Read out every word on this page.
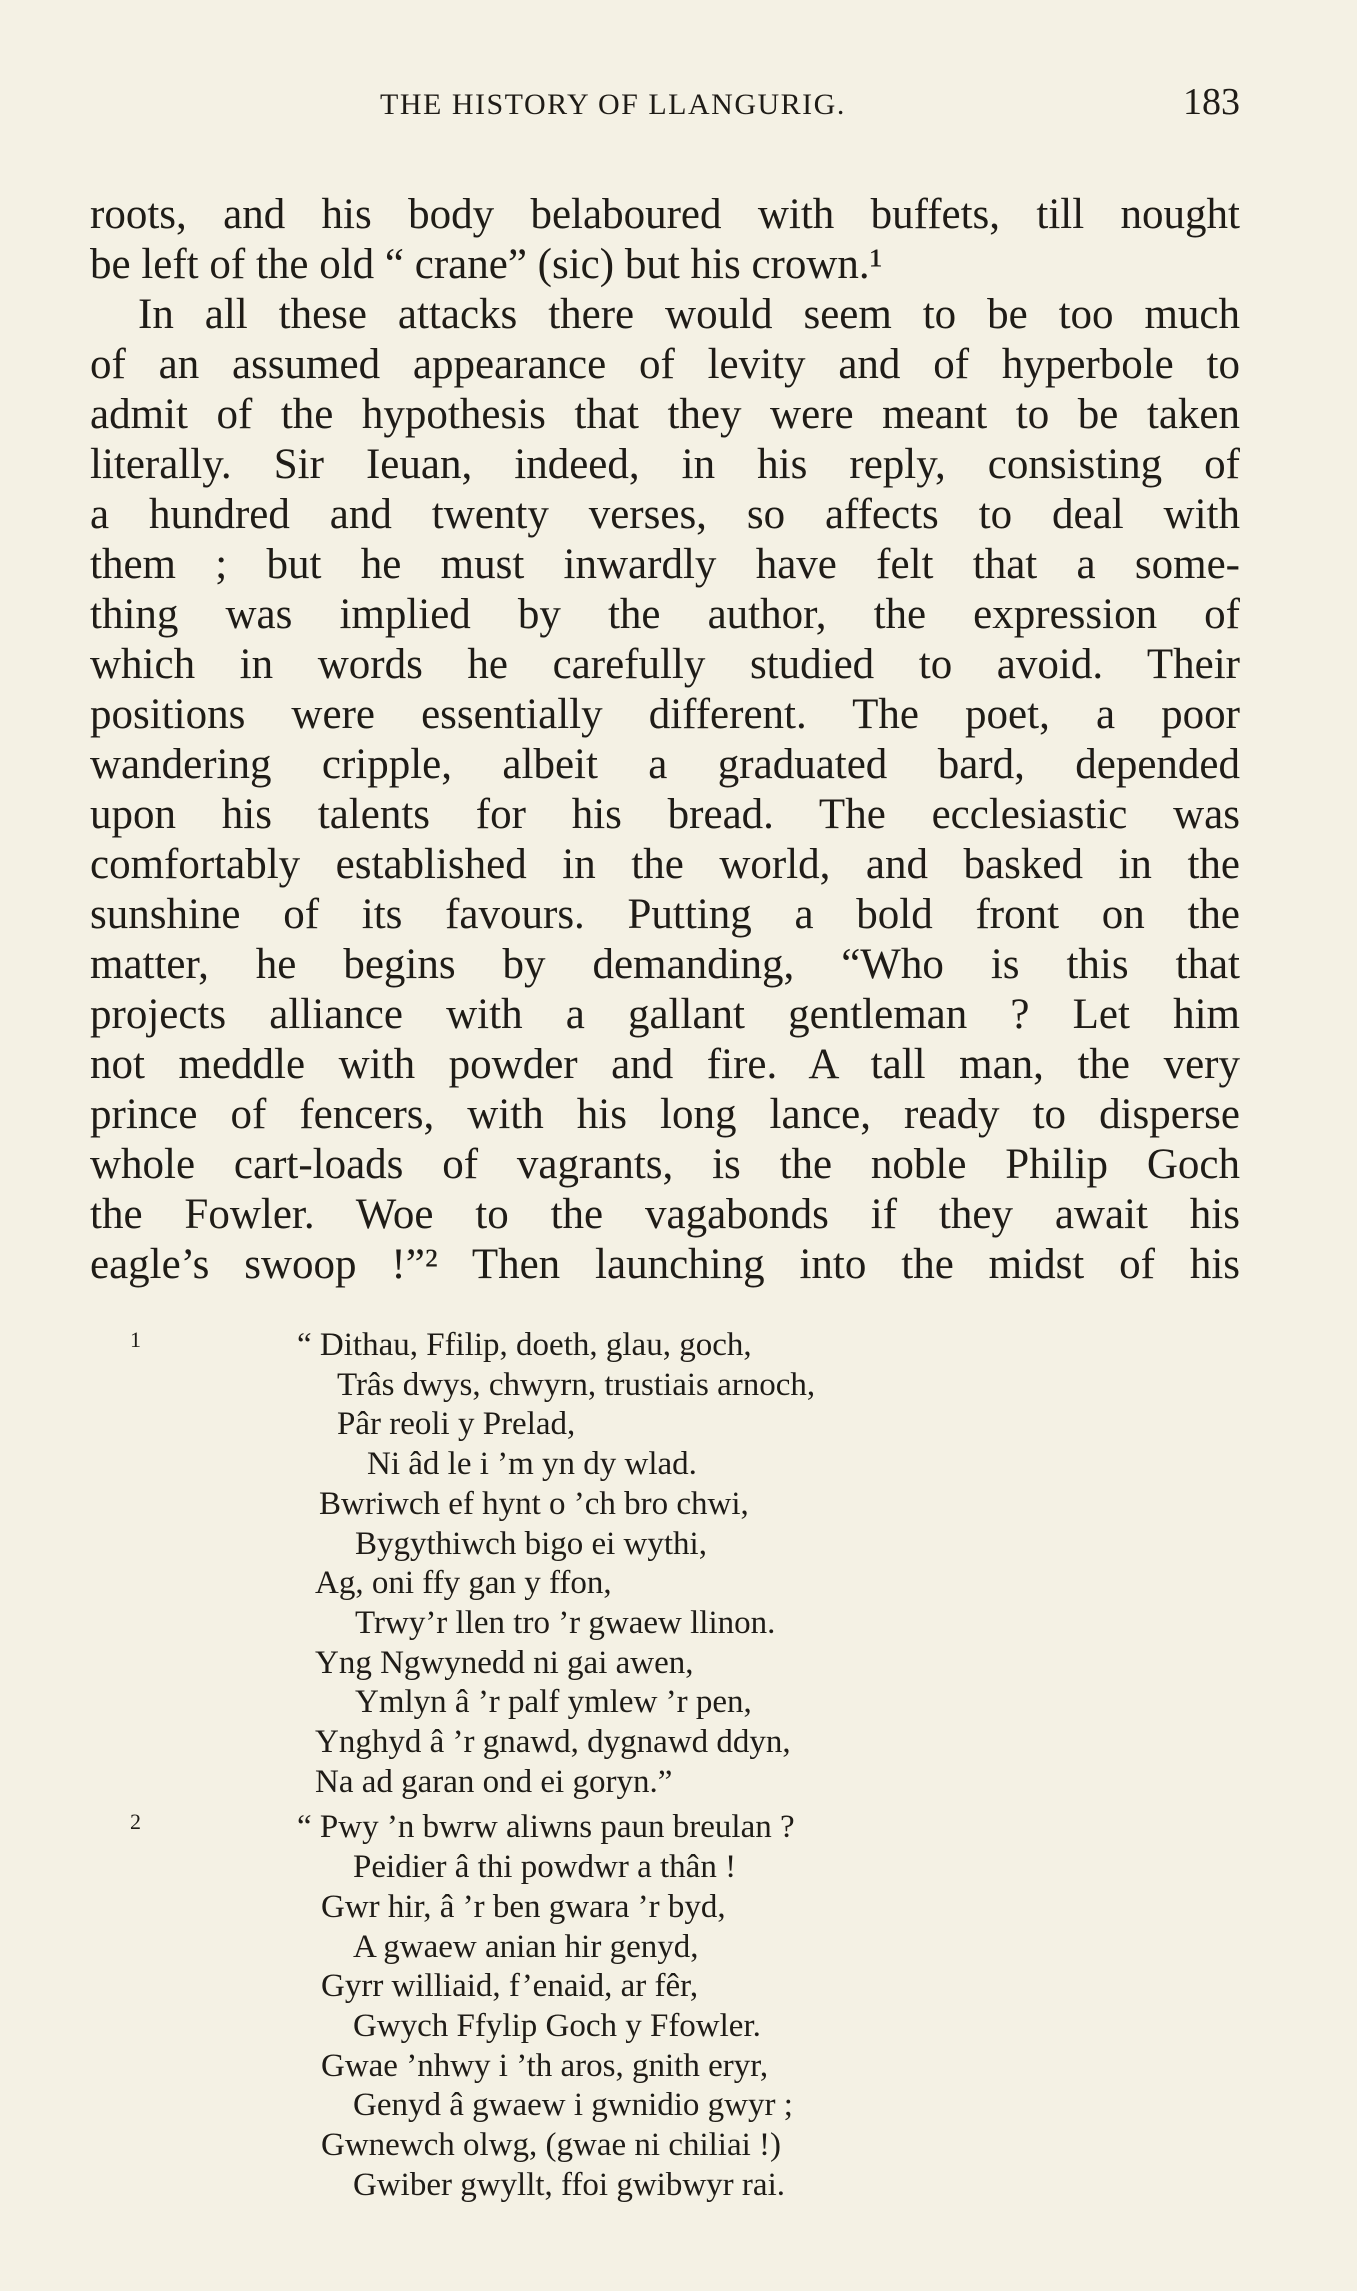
THE HISTORY OF LLANGURIG.	183
roots, and his body belaboured with buffets, till nought
be left of the old “ crane” (sic) but his crown.¹
In all these attacks there would seem to be too much
of an assumed appearance of levity and of hyperbole to
admit of the hypothesis that they were meant to be taken
literally. Sir Ieuan, indeed, in his reply, consisting of
a hundred and twenty verses, so affects to deal with
them ; but he must inwardly have felt that a some-
thing was implied by the author, the expression of
which in words he carefully studied to avoid. Their
positions were essentially different. The poet, a poor
wandering cripple, albeit a graduated bard, depended
upon his talents for his bread. The ecclesiastic was
comfortably established in the world, and basked in the
sunshine of its favours. Putting a bold front on the
matter, he begins by demanding, “Who is this that
projects alliance with a gallant gentleman ? Let him
not meddle with powder and fire. A tall man, the very
prince of fencers, with his long lance, ready to disperse
whole cart-loads of vagrants, is the noble Philip Goch
the Fowler. Woe to the vagabonds if they await his
eagle’s swoop !”² Then launching into the midst of his
1	“ Dithau, Ffilip, doeth, glau, goch,
Trâs dwys, chwyrn, trustiais arnoch,
Pâr reoli y Prelad,
Ni âd le i ’m yn dy wlad.
Bwriwch ef hynt o ’ch bro chwi,
Bygythiwch bigo ei wythi,
Ag, oni ffy gan y ffon,
Trwy’r llen tro ’r gwaew llinon.
Yng Ngwynedd ni gai awen,
Ymlyn â ’r palf ymlew ’r pen,
Ynghyd â ’r gnawd, dygnawd ddyn,
Na ad garan ond ei goryn.”
2	“ Pwy ’n bwrw aliwns paun breulan ?
Peidier â thi powdwr a thân !
Gwr hir, â ’r ben gwara ’r byd,
A gwaew anian hir genyd,
Gyrr williaid, f’enaid, ar fêr,
Gwych Ffylip Goch y Ffowler.
Gwae ’nhwy i ’th aros, gnith eryr,
Genyd â gwaew i gwnidio gwyr ;
Gwnewch olwg, (gwae ni chiliai !)
Gwiber gwyllt, ffoi gwibwyr rai.
